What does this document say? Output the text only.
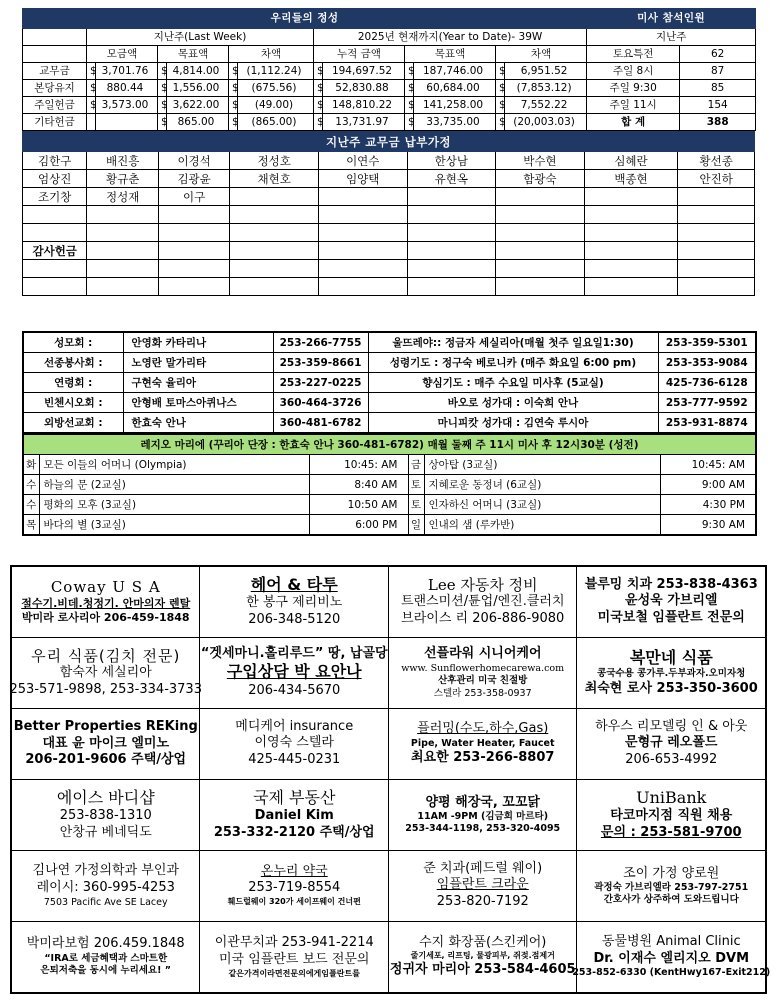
우리들의 정성													미사 참석인원	
	지난주(Last Week)						2025년 현재까지(Year to Date)- 39W						지난주	
	모금액		목표액		차액		누적 금액		목표액		차액		토요특전	62
교무금	$	3,701.76	$	4,814.00	$	(1,112.24)	$	194,697.52	$	187,746.00	$	6,951.52	주일 8시	87
본당유지	$	880.44	$	1,556.00	$	(675.56)	$	52,830.88	$	60,684.00	$	(7,853.12)	주일 9:30	85
주일헌금	$	3,573.00	$	3,622.00	$	(49.00)	$	148,810.22	$	141,258.00	$	7,552.22	주일 11시	154
기타헌금			$	865.00	$	(865.00)	$	13,731.97	$	33,735.00	$	(20,003.03)	합 계	388
지난주 교무금 납부가정								
김한구	배진흥	이경석	정성호	이연수	한상남	박수현	심혜란	황선종
엄상진	황규춘	김광윤	채현호	임양택	유현옥	함광숙	백종현	안진하
조기창	정성재	이구						

감사헌금								

성모회 :	안영화 카타리나	253-266-7755	울뜨레야:: 정금자 세실리아(매월 첫주 일요일1:30)	253-359-5301
선종봉사회 :	노영란 말가리타	253-359-8661	성령기도 : 정구숙 베로니카 (매주 화요일 6:00 pm)	253-353-9084
연령회 :	구현숙 율리아	253-227-0225	향심기도 : 매주 수요일 미사후 (5교실)	425-736-6128
빈첸시오회 :	안형배 토마스아퀴나스	360-464-3726	바오로 성가대 : 이숙희 안나	253-777-9592
외방선교회 :	한효숙 안나	360-481-6782	마니피캇 성가대 : 김연숙 루시아	253-931-8874
레지오 마리에 (꾸리아 단장 : 한효숙 안나 360-481-6782) 매월 둘째 주 11시 미사 후 12시30분 (성전)					
화	모든 이들의 어머니 (Olympia)	10:45: AM	금	상아탑 (3교실)	10:45: AM
수	하늘의 문 (2교실)	8:40 AM	토	지혜로운 동정녀 (6교실)	9:00 AM
수	평화의 모후 (3교실)	10:50 AM	토	인자하신 어머니 (3교실)	4:30 PM
목	바다의 별 (3교실)	6:00 PM	일	인내의 샘 (루카반)	9:30 AM
Coway U S A
절수기.비데.청정기. 안마의자 렌탈
박미라 로사리아 206-459-1848	헤어 & 타투
한 봉구 제리비노
206-348-5120	Lee 자동차 정비
트랜스미션/튠업/엔진.클러치
브라이스 리 206-886-9080	블루밍 치과 253-838-4363
윤성욱 가브리엘
미국보철 임플란트 전문의

우리 식품(김치 전문)
함숙자 세실리아
253-571-9898, 253-334-3733	“겟세마니.홀리루드” 땅, 납골당
구입상담 박 요안나
206-434-5670	선플라워 시니어케어
www. Sunflowerhomecarewa.com
산후관리 미국 친절방
스텔라 253-358-0937	복만네 식품
콩국수용 콩가루.두부과자.오미자청
최숙현 로사 253-350-3600

Better Properties REKing
대표 윤 마이크 엘미노
206-201-9606 주택/상업	메디케어 insurance
이영숙 스텔라
425-445-0231	플러밍(수도,하수,Gas)
Pipe, Water Heater, Faucet
최요한 253-266-8807	하우스 리모델링 인 & 아웃
문형규 레오폴드
206-653-4992

에이스 바디샵
253-838-1310
안창규 베네딕도	국제 부동산
Daniel Kim
253-332-2120 주택/상업	양평 해장국, 꼬꼬닭
11AM -9PM (김금희 마르타)
253-344-1198, 253-320-4095	UniBank
타코마지점 직원 채용
문의 : 253-581-9700

김나연 가정의학과 부인과
레이시: 360-995-4253
7503 Pacific Ave SE Lacey	온누리 약국
253-719-8554
훼드럴웨이 320가 세이프웨이 건너편	준 치과(페드럴 웨이)
임플란트 크라운
253-820-7192	조이 가정 양로원
곽정숙 가브리엘라 253-797-2751
간호사가 상주하여 도와드립니다

박미라보험 206.459.1848
“IRA로 세금혜택과 스마트한
은퇴저축을 동시에 누리세요! ”	이관무치과 253-941-2214
미국 임플란트 보드 전문의
같은가격이라면전문의에게임플란트를	수지 화장품(스킨케어)
줄기세포, 리프팅, 물광피부, 쥐젖.점제거
정귀자 마리아 253-584-4605	동물병원 Animal Clinic
Dr. 이재수 엘리지오 DVM
253-852-6330 (KentHwy167-Exit212)
